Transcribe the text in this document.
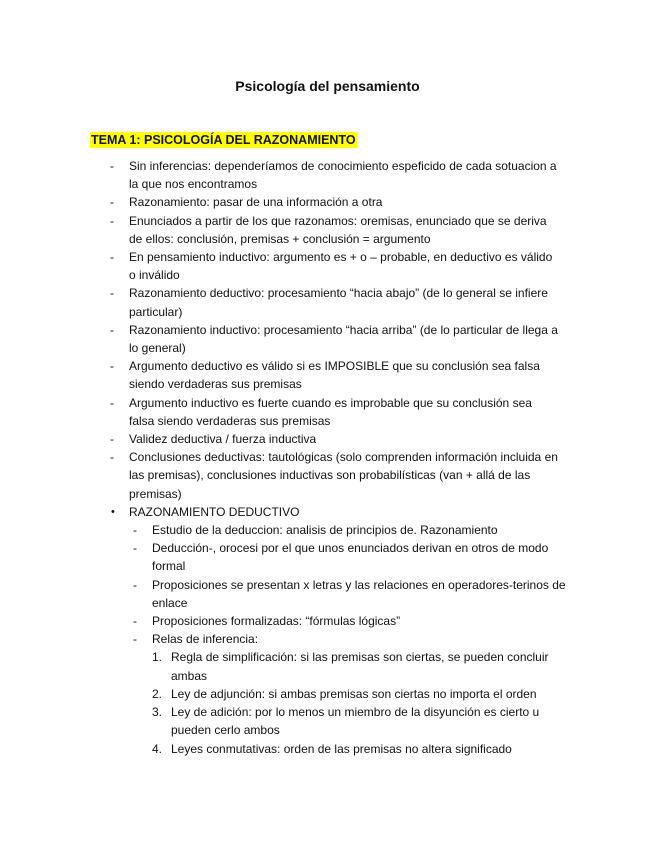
Psicología del pensamiento
TEMA 1: PSICOLOGÍA DEL RAZONAMIENTO
- Sin inferencias: dependeríamos de conocimiento espeficido de cada sotuacion a la que nos encontramos
- Razonamiento: pasar de una información a otra
- Enunciados a partir de los que razonamos: oremisas, enunciado que se deriva de ellos: conclusión, premisas + conclusión = argumento
- En pensamiento inductivo: argumento es + o – probable, en deductivo es válido o inválido
- Razonamiento deductivo: procesamiento “hacia abajo” (de lo general se infiere particular)
- Razonamiento inductivo: procesamiento “hacia arriba” (de lo particular de llega a lo general)
- Argumento deductivo es válido si es IMPOSIBLE que su conclusión sea falsa siendo verdaderas sus premisas
- Argumento inductivo es fuerte cuando es improbable que su conclusión sea falsa siendo verdaderas sus premisas
- Validez deductiva / fuerza inductiva
- Conclusiones deductivas: tautológicas (solo comprenden información incluida en las premisas), conclusiones inductivas son probabilísticas (van + allá de las premisas)
• RAZONAMIENTO DEDUCTIVO
- Estudio de la deduccion: analisis de principios de. Razonamiento
- Deducción-, orocesi por el que unos enunciados derivan en otros de modo formal
- Proposiciones se presentan x letras y las relaciones en operadores-terinos de enlace
- Proposiciones formalizadas: “fórmulas lógicas”
- Relas de inferencia:
1. Regla de simplificación: si las premisas son ciertas, se pueden concluir ambas
2. Ley de adjunción: si ambas premisas son ciertas no importa el orden
3. Ley de adición: por lo menos un miembro de la disyunción es cierto u pueden cerlo ambos
4. Leyes conmutativas: orden de las premisas no altera significado
